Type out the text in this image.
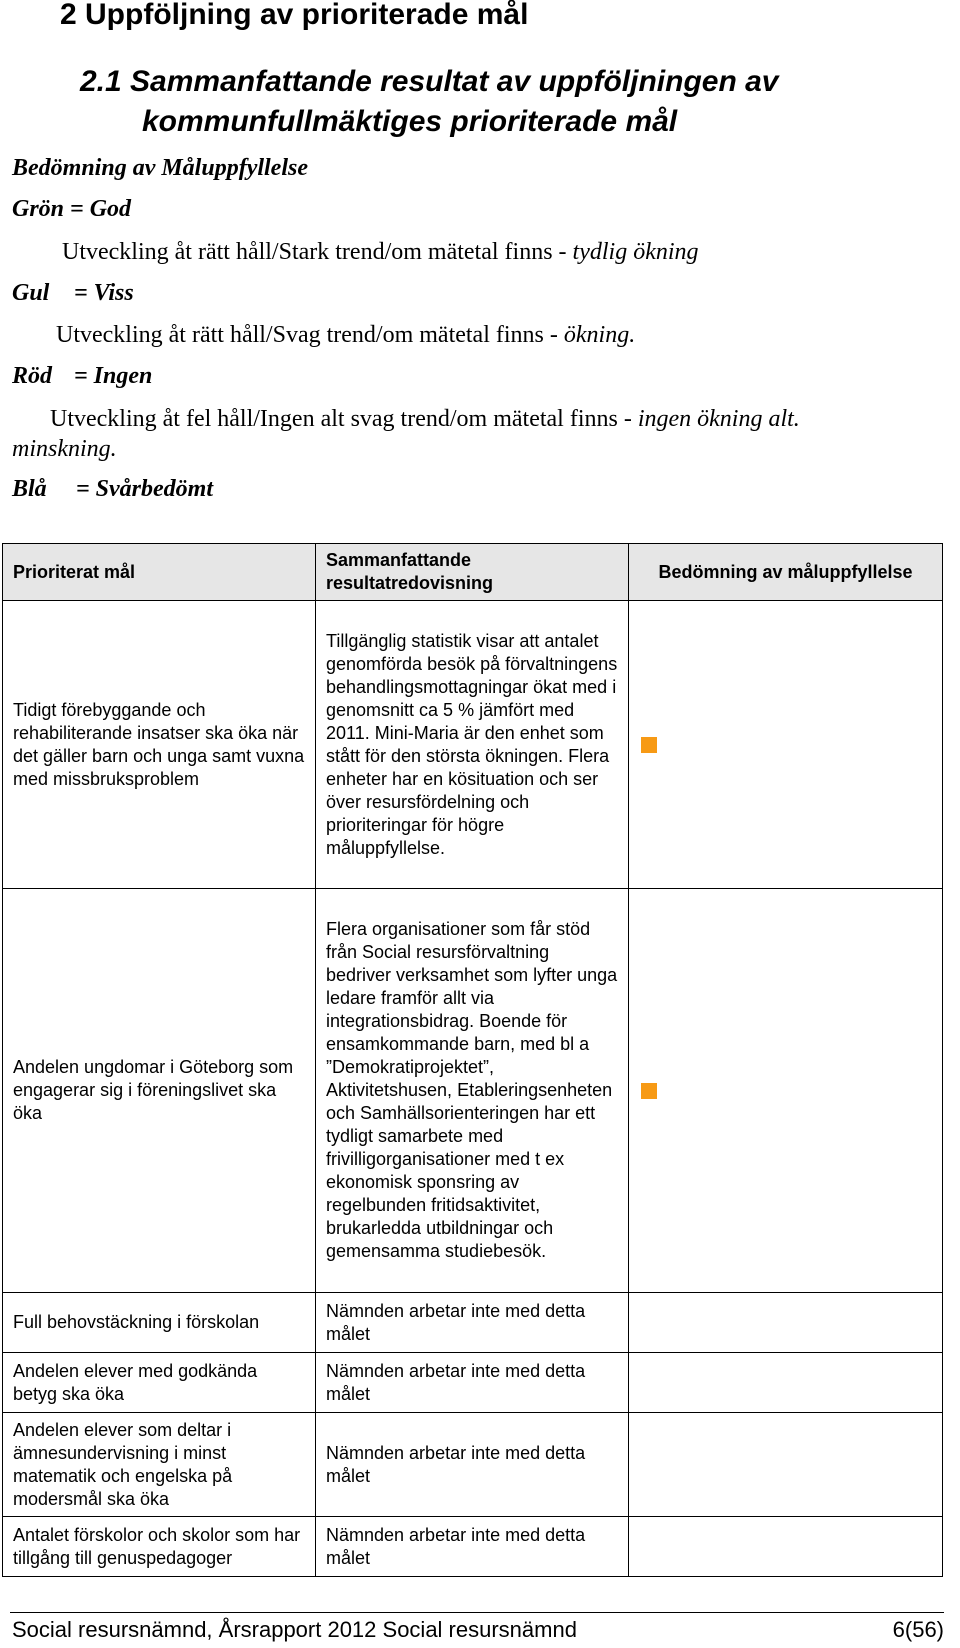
2 Uppföljning av prioriterade mål
2.1 Sammanfattande resultat av uppföljningen av
kommunfullmäktiges prioriterade mål
Bedömning av Måluppfyllelse
Grön = God
Utveckling åt rätt håll/Stark trend/om mätetal finns - tydlig ökning
Gul = Viss
Utveckling åt rätt håll/Svag trend/om mätetal finns - ökning.
Röd = Ingen
Utveckling åt fel håll/Ingen alt svag trend/om mätetal finns - ingen ökning alt.
minskning.
Blå = Svårbedömt
Prioriterat mål	Sammanfattande resultatredovisning	Bedömning av måluppfyllelse
Tidigt förebyggande och rehabiliterande insatser ska öka när det gäller barn och unga samt vuxna med missbruksproblem	Tillgänglig statistik visar att antalet genomförda besök på förvaltningens behandlingsmottagningar ökat med i genomsnitt ca 5 % jämfört med 2011. Mini-Maria är den enhet som stått för den största ökningen. Flera enheter har en kösituation och ser över resursfördelning och prioriteringar för högre måluppfyllelse.	
Andelen ungdomar i Göteborg som engagerar sig i föreningslivet ska öka	Flera organisationer som får stöd från Social resursförvaltning bedriver verksamhet som lyfter unga ledare framför allt via integrationsbidrag. Boende för ensamkommande barn, med bl a ”Demokratiprojektet”, Aktivitetshusen, Etableringsenheten och Samhällsorienteringen har ett tydligt samarbete med frivilligorganisationer med t ex ekonomisk sponsring av regelbunden fritidsaktivitet, brukarledda utbildningar och gemensamma studiebesök.	
Full behovstäckning i förskolan	Nämnden arbetar inte med detta målet	
Andelen elever med godkända betyg ska öka	Nämnden arbetar inte med detta målet	
Andelen elever som deltar i ämnesundervisning i minst matematik och engelska på modersmål ska öka	Nämnden arbetar inte med detta målet	
Antalet förskolor och skolor som har tillgång till genuspedagoger	Nämnden arbetar inte med detta målet	
Social resursnämnd, Årsrapport 2012 Social resursnämnd	6(56)
